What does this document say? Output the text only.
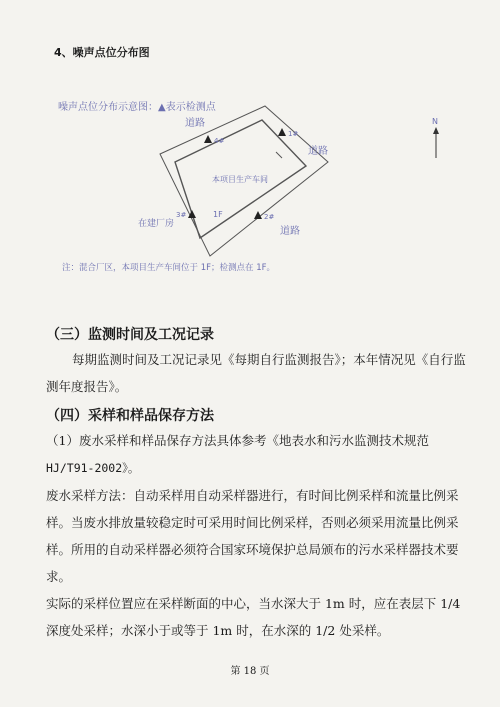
4、噪声点位分布图
噪声点位分布示意图：▲表示检测点
道路
道路
道路
本项目生产车间
1F
在建厂房
1#
2#
3#
4#
N
注：混合厂区，本项目生产车间位于 1F；检测点在 1F。
（三）监测时间及工况记录
每期监测时间及工况记录见《每期自行监测报告》；本年情况见《自行监测年度报告》。
（四）采样和样品保存方法
（1）废水采样和样品保存方法具体参考《地表水和污水监测技术规范
HJ/T91-2002》。
废水采样方法：自动采样用自动采样器进行，有时间比例采样和流量比例采样。当废水排放量较稳定时可采用时间比例采样，否则必须采用流量比例采样。所用的自动采样器必须符合国家环境保护总局颁布的污水采样器技术要求。
实际的采样位置应在采样断面的中心，当水深大于 1m 时，应在表层下 1/4 深度处采样；水深小于或等于 1m 时，在水深的 1/2 处采样。
第 18 页
